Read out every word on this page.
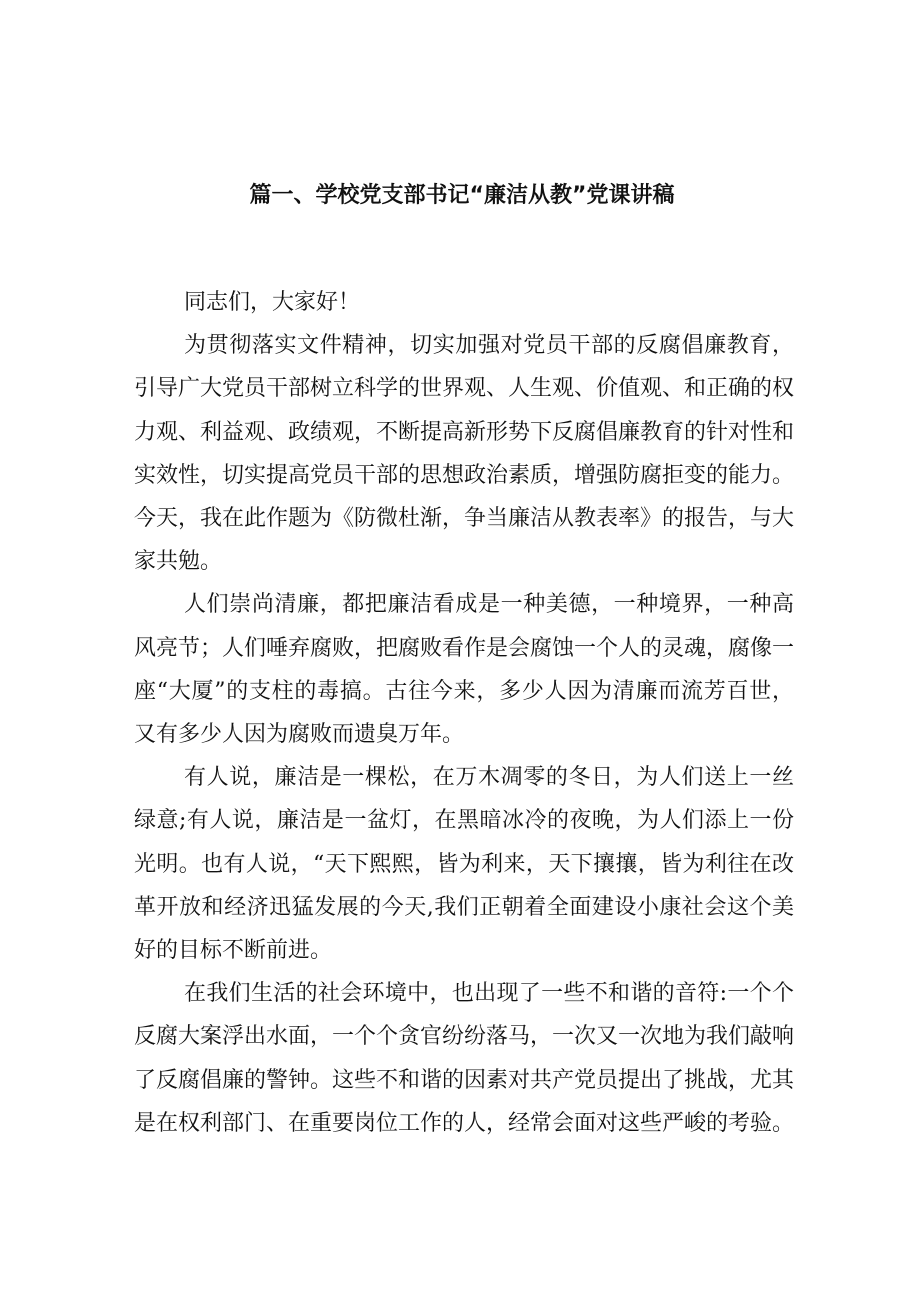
篇一、学校党支部书记“廉洁从教”党课讲稿

同志们，大家好！

为贯彻落实文件精神，切实加强对党员干部的反腐倡廉教育，引导广大党员干部树立科学的世界观、人生观、价值观、和正确的权力观、利益观、政绩观，不断提高新形势下反腐倡廉教育的针对性和实效性，切实提高党员干部的思想政治素质，增强防腐拒变的能力。今天，我在此作题为《防微杜渐，争当廉洁从教表率》的报告，与大家共勉。

人们崇尚清廉，都把廉洁看成是一种美德，一种境界，一种高风亮节；人们唾弃腐败，把腐败看作是会腐蚀一个人的灵魂，腐像一座“大厦”的支柱的毒搞。古往今来，多少人因为清廉而流芳百世，又有多少人因为腐败而遗臭万年。

有人说，廉洁是一棵松，在万木凋零的冬日，为人们送上一丝绿意;有人说，廉洁是一盆灯，在黑暗冰冷的夜晚，为人们添上一份光明。也有人说，“天下熙熙，皆为利来，天下攘攘，皆为利往在改革开放和经济迅猛发展的今天,我们正朝着全面建设小康社会这个美好的目标不断前进。

在我们生活的社会环境中，也出现了一些不和谐的音符:一个个反腐大案浮出水面，一个个贪官纷纷落马，一次又一次地为我们敲响了反腐倡廉的警钟。这些不和谐的因素对共产党员提出了挑战，尤其是在权利部门、在重要岗位工作的人，经常会面对这些严峻的考验。
